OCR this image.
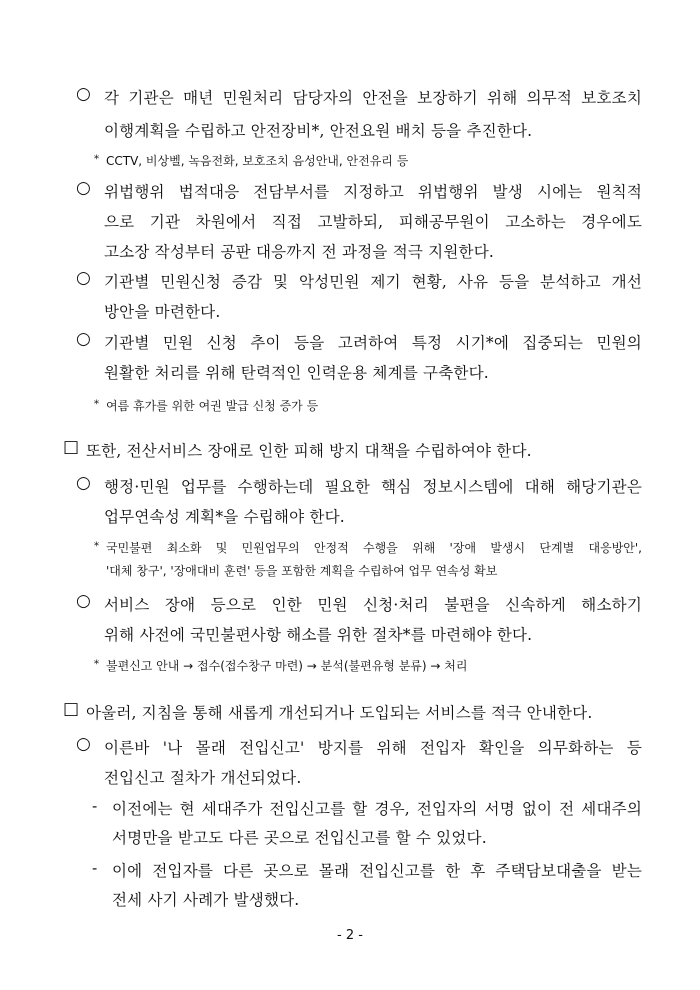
○ 각 기관은 매년 민원처리 담당자의 안전을 보장하기 위해 의무적 보호조치
이행계획을 수립하고 안전장비*, 안전요원 배치 등을 추진한다.
* CCTV, 비상벨, 녹음전화, 보호조치 음성안내, 안전유리 등
○ 위법행위 법적대응 전담부서를 지정하고 위법행위 발생 시에는 원칙적
으로 기관 차원에서 직접 고발하되, 피해공무원이 고소하는 경우에도
고소장 작성부터 공판 대응까지 전 과정을 적극 지원한다.
○ 기관별 민원신청 증감 및 악성민원 제기 현황, 사유 등을 분석하고 개선
방안을 마련한다.
○ 기관별 민원 신청 추이 등을 고려하여 특정 시기*에 집중되는 민원의
원활한 처리를 위해 탄력적인 인력운용 체계를 구축한다.
* 여름 휴가를 위한 여권 발급 신청 증가 등
□ 또한, 전산서비스 장애로 인한 피해 방지 대책을 수립하여야 한다.
○ 행정·민원 업무를 수행하는데 필요한 핵심 정보시스템에 대해 해당기관은
업무연속성 계획*을 수립해야 한다.
* 국민불편 최소화 및 민원업무의 안정적 수행을 위해 '장애 발생시 단계별 대응방안',
'대체 창구', '장애대비 훈련' 등을 포함한 계획을 수립하여 업무 연속성 확보
○ 서비스 장애 등으로 인한 민원 신청·처리 불편을 신속하게 해소하기
위해 사전에 국민불편사항 해소를 위한 절차*를 마련해야 한다.
* 불편신고 안내 → 접수(접수창구 마련) → 분석(불편유형 분류) → 처리
□ 아울러, 지침을 통해 새롭게 개선되거나 도입되는 서비스를 적극 안내한다.
○ 이른바 '나 몰래 전입신고' 방지를 위해 전입자 확인을 의무화하는 등
전입신고 절차가 개선되었다.
- 이전에는 현 세대주가 전입신고를 할 경우, 전입자의 서명 없이 전 세대주의
서명만을 받고도 다른 곳으로 전입신고를 할 수 있었다.
- 이에 전입자를 다른 곳으로 몰래 전입신고를 한 후 주택담보대출을 받는
전세 사기 사례가 발생했다.
- 2 -
